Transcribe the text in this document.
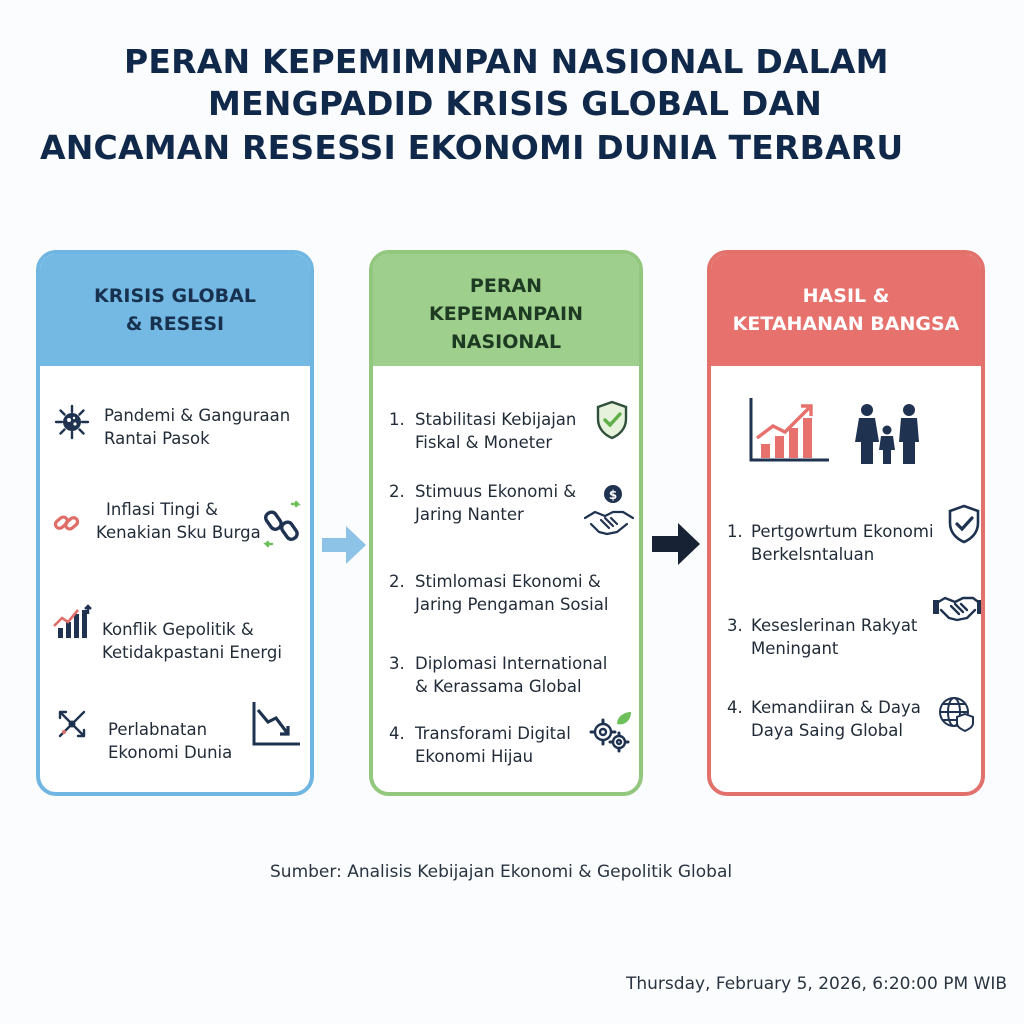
PERAN KEPEMIMNPAN NASIONAL DALAM
MENGPADID KRISIS GLOBAL DAN
ANCAMAN RESESSI EKONOMI DUNIA TERBARU
KRISIS GLOBAL
& RESESI
Pandemi & Ganguraan
Rantai Pasok
Inflasi Tingi &
Kenakian Sku Burga
Konflik Gepolitik &
Ketidakpastani Energi
Perlabnatan
Ekonomi Dunia
PERAN
KEPEMANPAIN
NASIONAL
1. Stabilitasi Kebijajan
Fiskal & Moneter
2. Stimuus Ekonomi &
Jaring Nanter
$
2. Stimlomasi Ekonomi &
Jaring Pengaman Sosial
3. Diplomasi International
& Kerassama Global
4. Transforami Digital
Ekonomi Hijau
HASIL &
KETAHANAN BANGSA
1. Pertgowrtum Ekonomi
Berkelsntaluan
3. Keseslerinan Rakyat
Meningant
4. Kemandiiran & Daya
Daya Saing Global
Sumber: Analisis Kebijajan Ekonomi & Gepolitik Global
Thursday, February 5, 2026, 6:20:00 PM WIB
